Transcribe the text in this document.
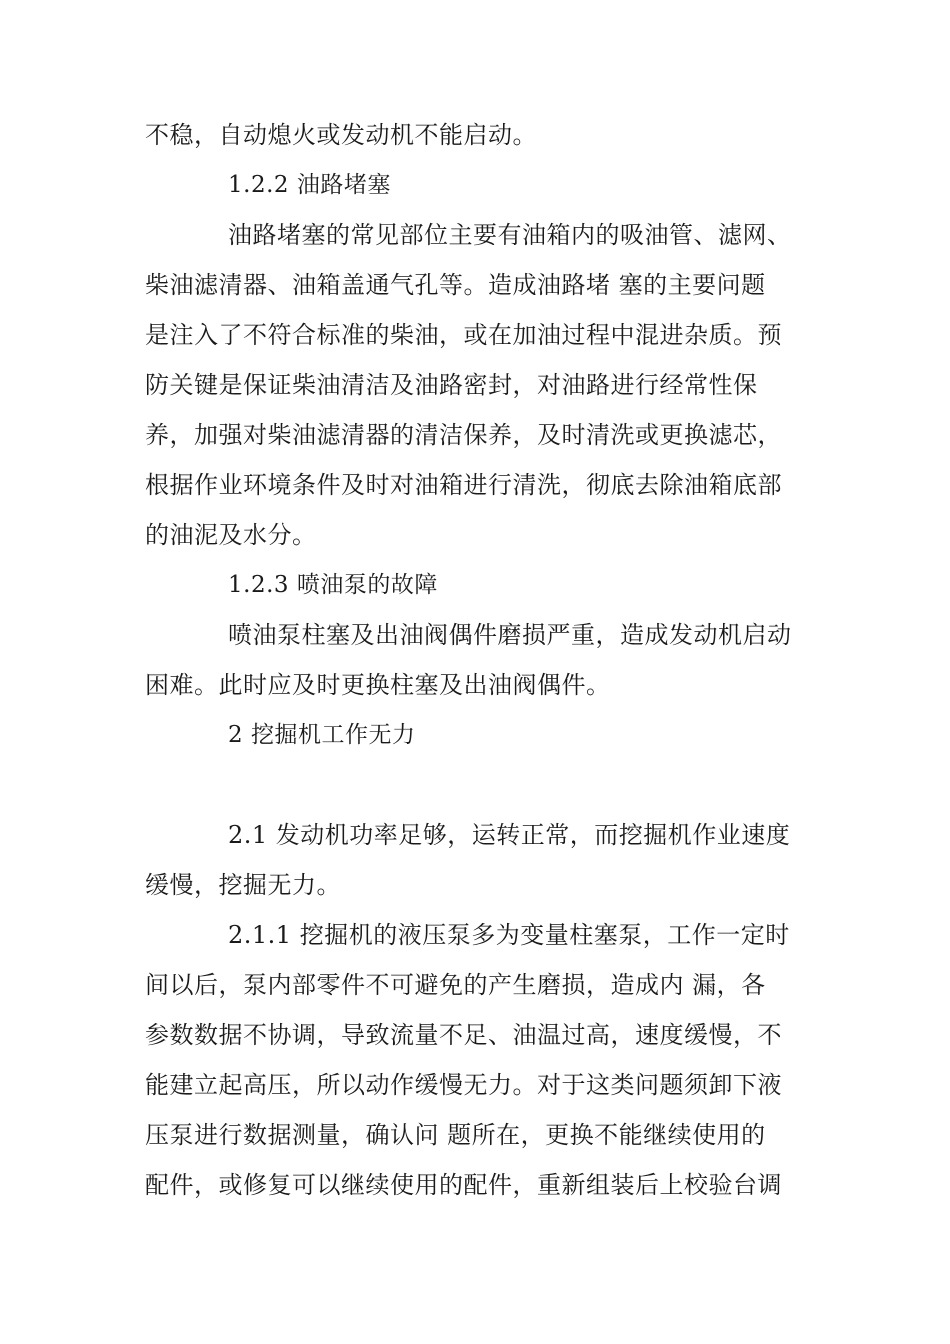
不稳，自动熄火或发动机不能启动。
1.2.2 油路堵塞
油路堵塞的常见部位主要有油箱内的吸油管、滤网、
柴油滤清器、油箱盖通气孔等。造成油路堵 塞的主要问题
是注入了不符合标准的柴油，或在加油过程中混进杂质。预
防关键是保证柴油清洁及油路密封，对油路进行经常性保
养，加强对柴油滤清器的清洁保养，及时清洗或更换滤芯，
根据作业环境条件及时对油箱进行清洗，彻底去除油箱底部
的油泥及水分。
1.2.3 喷油泵的故障
喷油泵柱塞及出油阀偶件磨损严重，造成发动机启动
困难。此时应及时更换柱塞及出油阀偶件。
2 挖掘机工作无力
2.1 发动机功率足够，运转正常，而挖掘机作业速度
缓慢，挖掘无力。
2.1.1 挖掘机的液压泵多为变量柱塞泵，工作一定时
间以后，泵内部零件不可避免的产生磨损，造成内 漏，各
参数数据不协调，导致流量不足、油温过高，速度缓慢，不
能建立起高压，所以动作缓慢无力。对于这类问题须卸下液
压泵进行数据测量，确认问 题所在，更换不能继续使用的
配件，或修复可以继续使用的配件，重新组装后上校验台调
